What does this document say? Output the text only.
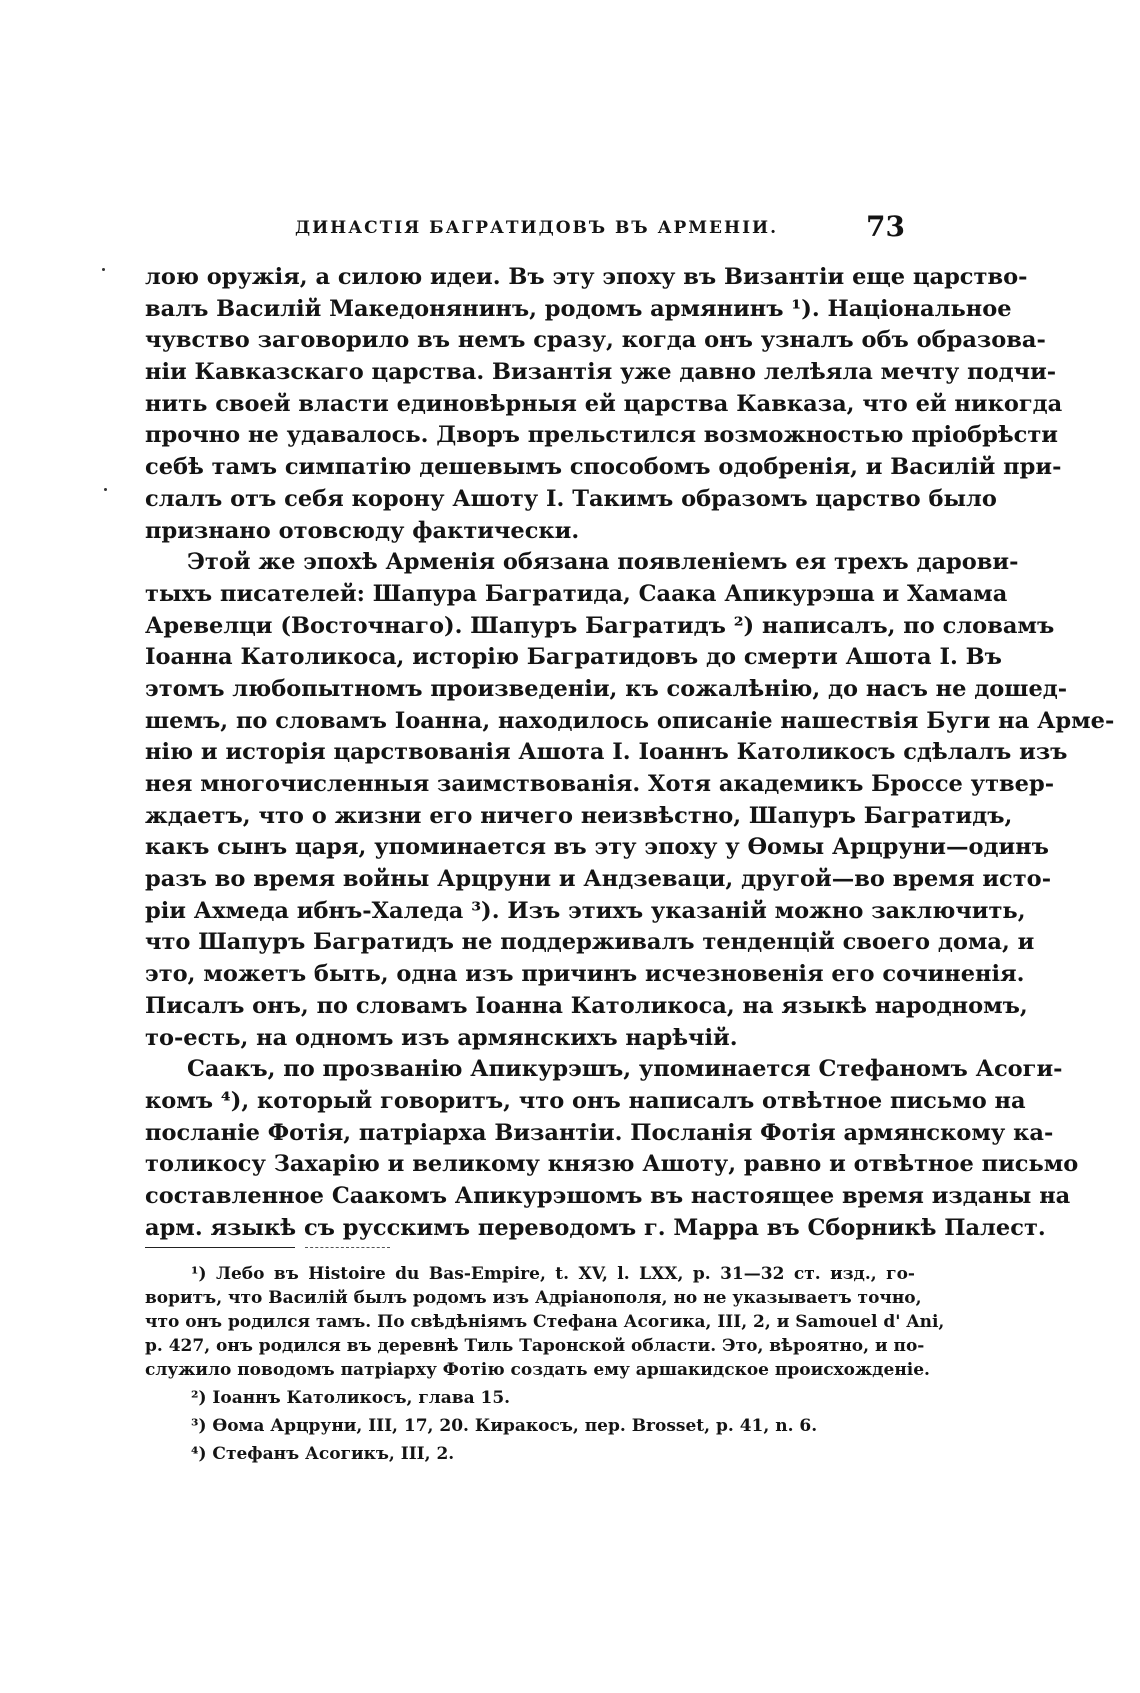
ДИНАСТІЯ БАГРАТИДОВЪ ВЪ АРМЕНІИ.	73
лою оружія, а силою идеи. Въ эту эпоху въ Византіи еще царство-
валъ Василій Македонянинъ, родомъ армянинъ ¹). Національное
чувство заговорило въ немъ сразу, когда онъ узналъ объ образова-
ніи Кавказскаго царства. Византія уже давно лелѣяла мечту подчи-
нить своей власти единовѣрныя ей царства Кавказа, что ей никогда
прочно не удавалось. Дворъ прельстился возможностью пріобрѣсти
себѣ тамъ симпатію дешевымъ способомъ одобренія, и Василій при-
слалъ отъ себя корону Ашоту I. Такимъ образомъ царство было
признано отовсюду фактически.
Этой же эпохѣ Арменія обязана появленіемъ ея трехъ дарови-
тыхъ писателей: Шапура Багратида, Саака Апикурэша и Хамама
Аревелци (Восточнаго). Шапуръ Багратидъ ²) написалъ, по словамъ
Іоанна Католикоса, исторію Багратидовъ до смерти Ашота I. Въ
этомъ любопытномъ произведеніи, къ сожалѣнію, до насъ не дошед-
шемъ, по словамъ Іоанна, находилось описаніе нашествія Буги на Арме-
нію и исторія царствованія Ашота I. Іоаннъ Католикосъ сдѣлалъ изъ
нея многочисленныя заимствованія. Хотя академикъ Броссе утвер-
ждаетъ, что о жизни его ничего неизвѣстно, Шапуръ Багратидъ,
какъ сынъ царя, упоминается въ эту эпоху у Ѳомы Арцруни—одинъ
разъ во время войны Арцруни и Андзеваци, другой—во время исто-
ріи Ахмеда ибнъ-Халеда ³). Изъ этихъ указаній можно заключить,
что Шапуръ Багратидъ не поддерживалъ тенденцій своего дома, и
это, можетъ быть, одна изъ причинъ исчезновенія его сочиненія.
Писалъ онъ, по словамъ Іоанна Католикоса, на языкѣ народномъ,
то-есть, на одномъ изъ армянскихъ нарѣчій.
Саакъ, по прозванію Апикурэшъ, упоминается Стефаномъ Асоги-
комъ ⁴), который говоритъ, что онъ написалъ отвѣтное письмо на
посланіе Фотія, патріарха Византіи. Посланія Фотія армянскому ка-
толикосу Захарію и великому князю Ашоту, равно и отвѣтное письмо
составленное Саакомъ Апикурэшомъ въ настоящее время изданы на
арм. языкѣ съ русскимъ переводомъ г. Марра въ Сборникѣ Палест.
¹) Лебо въ Histoire du Bas-Empire, t. XV, l. LXX, p. 31—32 ст. изд., го-
воритъ, что Василій былъ родомъ изъ Адріанополя, но не указываетъ точно,
что онъ родился тамъ. По свѣдѣніямъ Стефана Асогика, III, 2, и Samouel d' Ani,
p. 427, онъ родился въ деревнѣ Тиль Таронской области. Это, вѣроятно, и по-
служило поводомъ патріарху Фотію создать ему аршакидское происхожденіе.
²) Іоаннъ Католикосъ, глава 15.
³) Ѳома Арцруни, III, 17, 20. Киракосъ, пер. Brosset, p. 41, n. 6.
⁴) Стефанъ Асогикъ, III, 2.
